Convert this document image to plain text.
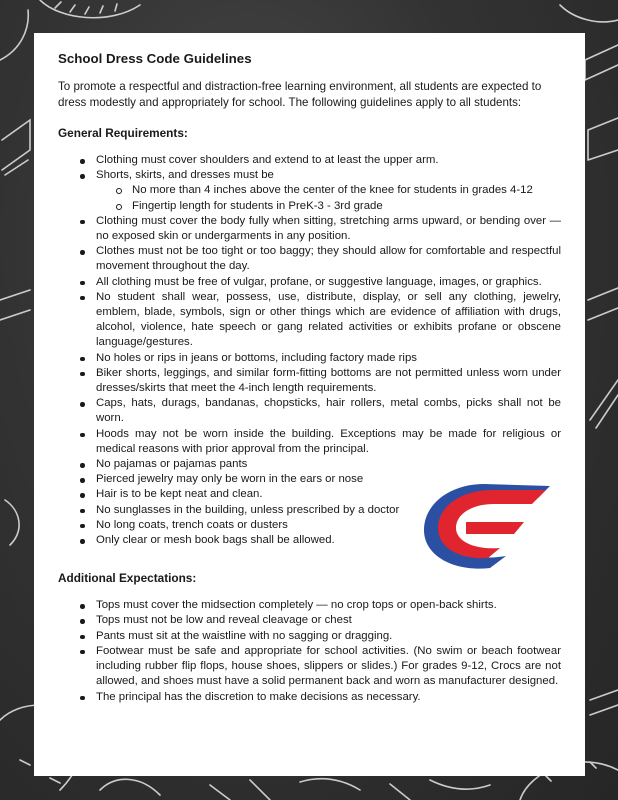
School Dress Code Guidelines

To promote a respectful and distraction-free learning environment, all students are expected to dress modestly and appropriately for school. The following guidelines apply to all students:

General Requirements:
Clothing must cover shoulders and extend to at least the upper arm.
Shorts, skirts, and dresses must be
No more than 4 inches above the center of the knee for students in grades 4-12
Fingertip length for students in PreK-3 - 3rd grade
Clothing must cover the body fully when sitting, stretching arms upward, or bending over — no exposed skin or undergarments in any position.
Clothes must not be too tight or too baggy; they should allow for comfortable and respectful movement throughout the day.
All clothing must be free of vulgar, profane, or suggestive language, images, or graphics.
No student shall wear, possess, use, distribute, display, or sell any clothing, jewelry, emblem, blade, symbols, sign or other things which are evidence of affiliation with drugs, alcohol, violence, hate speech or gang related activities or exhibits profane or obscene language/gestures.
No holes or rips in jeans or bottoms, including factory made rips
Biker shorts, leggings, and similar form-fitting bottoms are not permitted unless worn under dresses/skirts that meet the 4-inch length requirements.
Caps, hats, durags, bandanas, chopsticks, hair rollers, metal combs, picks shall not be worn.
Hoods may not be worn inside the building. Exceptions may be made for religious or medical reasons with prior approval from the principal.
No pajamas or pajamas pants
Pierced jewelry may only be worn in the ears or nose
Hair is to be kept neat and clean.
No sunglasses in the building, unless prescribed by a doctor
No long coats, trench coats or dusters
Only clear or mesh book bags shall be allowed.
Additional Expectations:
Tops must cover the midsection completely — no crop tops or open-back shirts.
Tops must not be low and reveal cleavage or chest
Pants must sit at the waistline with no sagging or dragging.
Footwear must be safe and appropriate for school activities. (No swim or beach footwear including rubber flip flops, house shoes, slippers or slides.) For grades 9-12, Crocs are not allowed, and shoes must have a solid permanent back and worn as manufacturer designed.
The principal has the discretion to make decisions as necessary.
